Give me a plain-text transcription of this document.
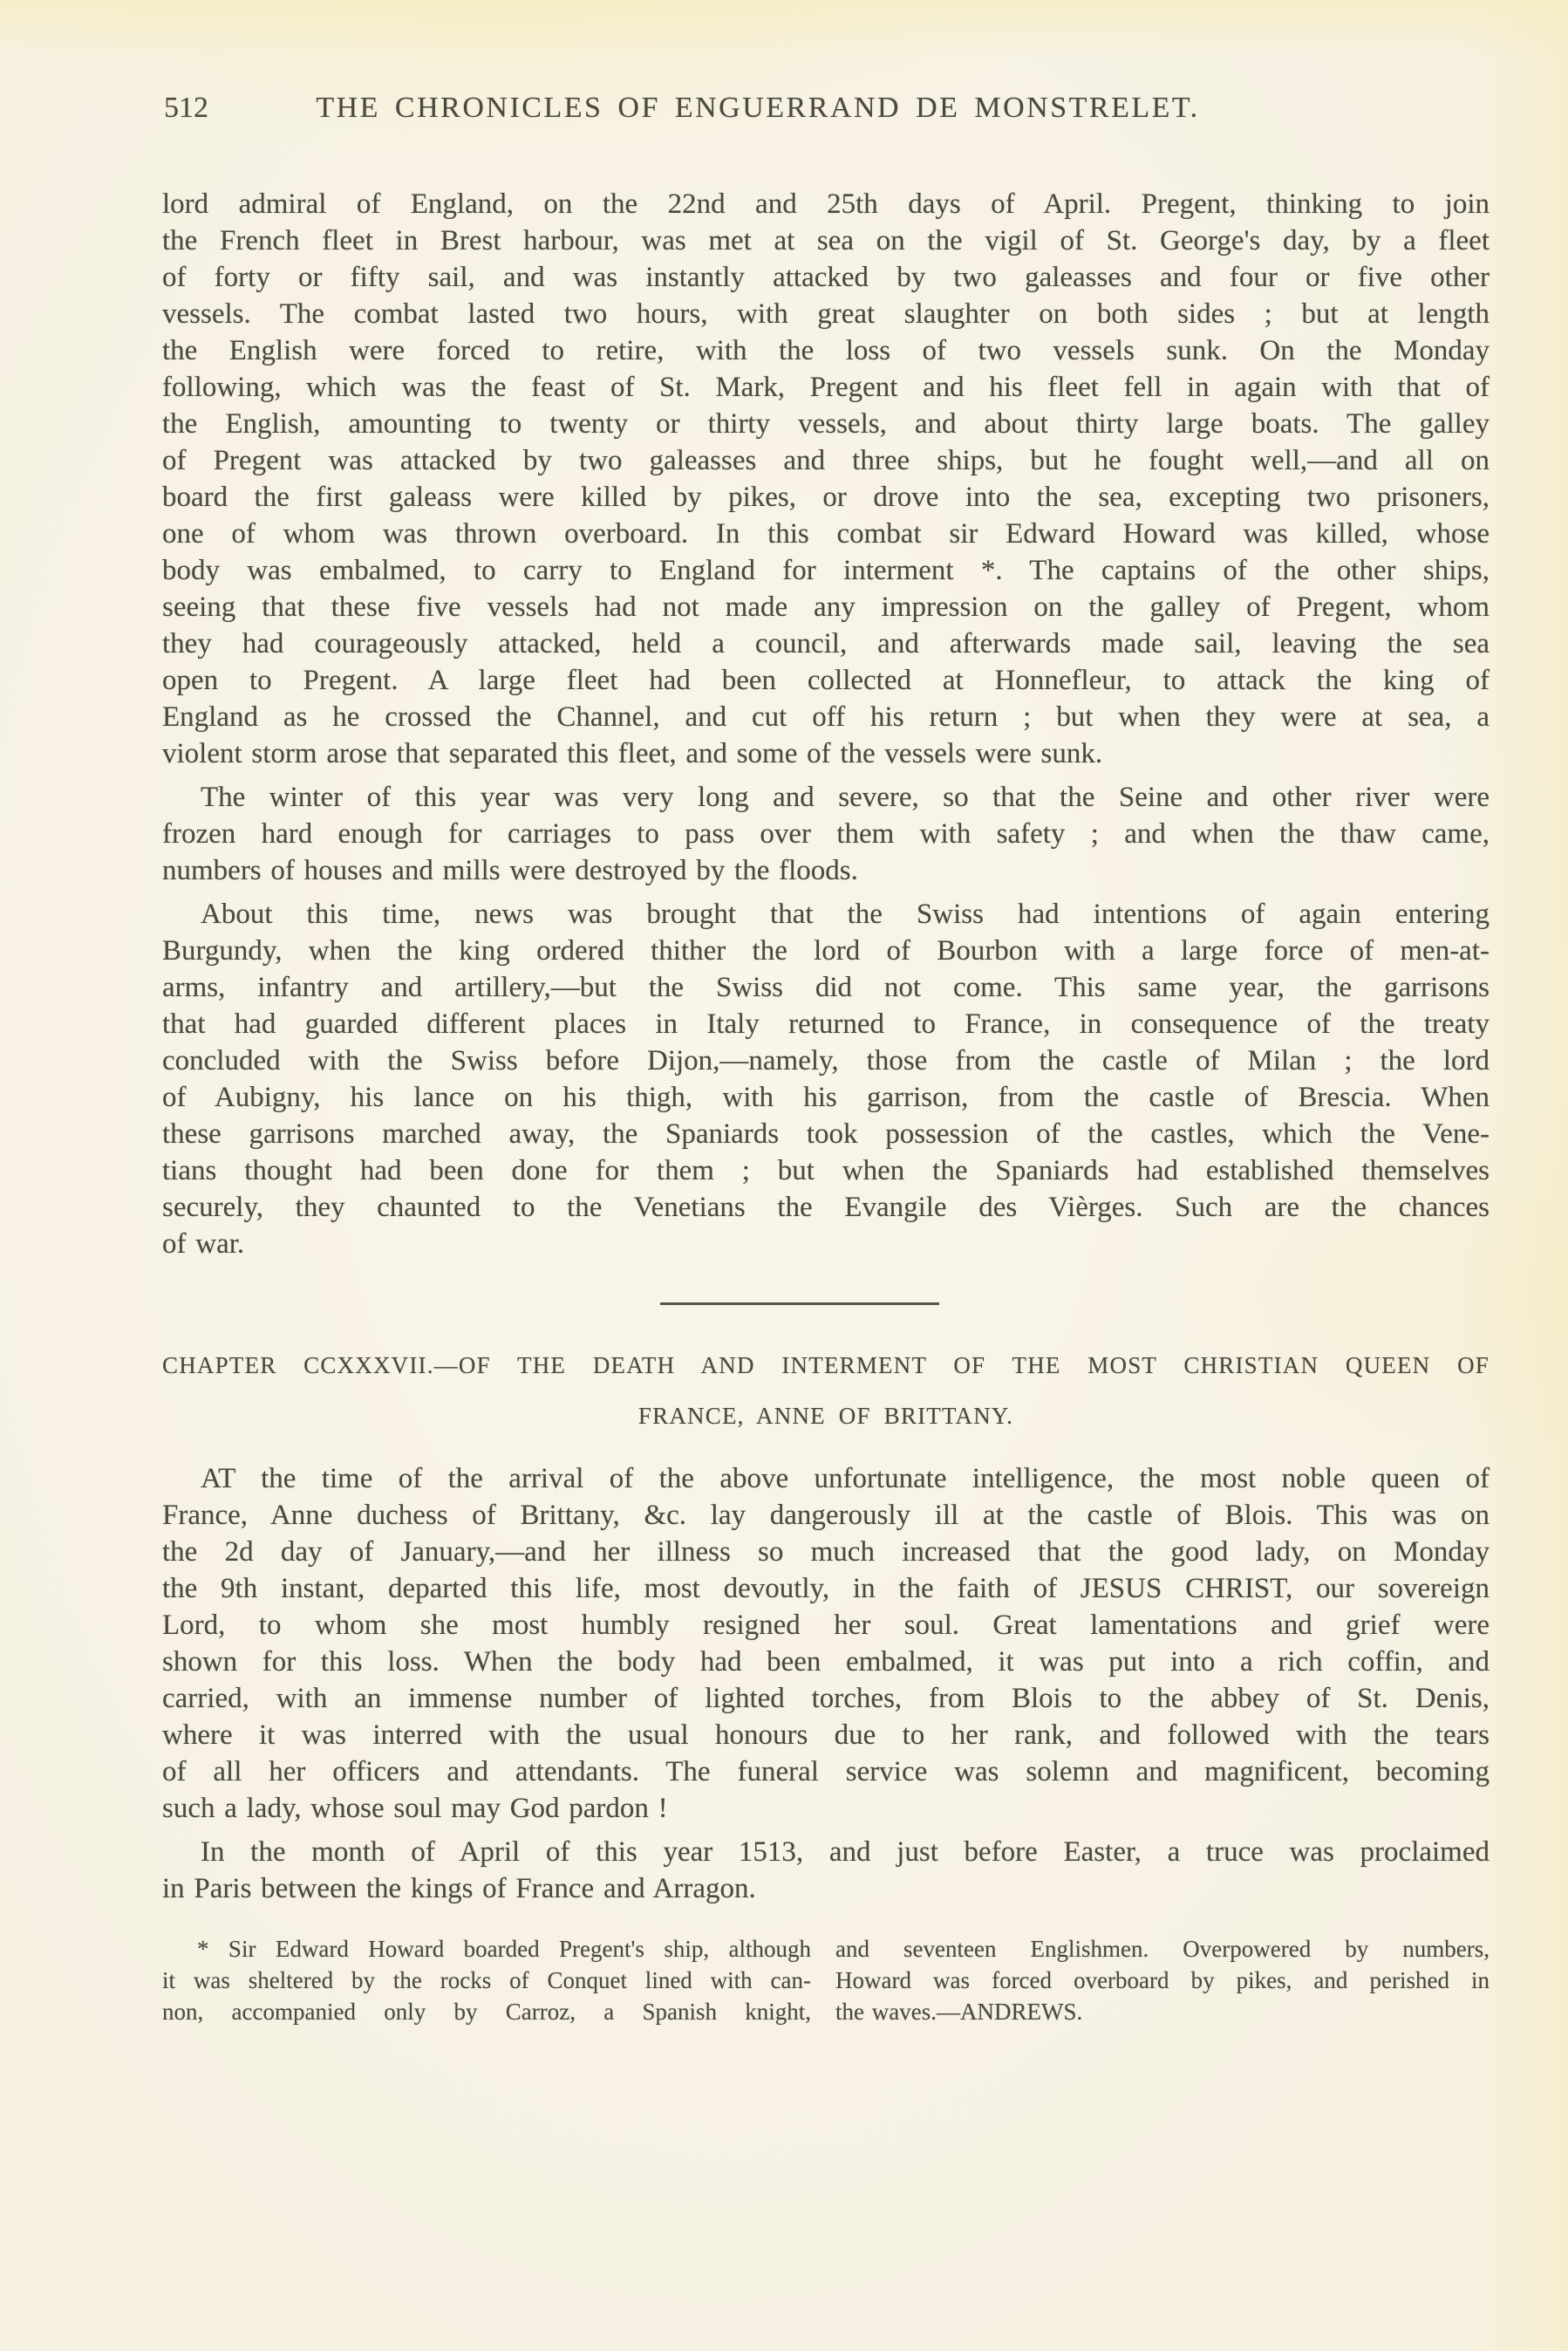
512	THE CHRONICLES OF ENGUERRAND DE MONSTRELET.

lord admiral of England, on the 22nd and 25th days of April. Pregent, thinking to join
the French fleet in Brest harbour, was met at sea on the vigil of St. George's day, by a fleet
of forty or fifty sail, and was instantly attacked by two galeasses and four or five other
vessels. The combat lasted two hours, with great slaughter on both sides ; but at length
the English were forced to retire, with the loss of two vessels sunk. On the Monday
following, which was the feast of St. Mark, Pregent and his fleet fell in again with that of
the English, amounting to twenty or thirty vessels, and about thirty large boats. The galley
of Pregent was attacked by two galeasses and three ships, but he fought well,—and all on
board the first galeass were killed by pikes, or drove into the sea, excepting two prisoners,
one of whom was thrown overboard. In this combat sir Edward Howard was killed, whose
body was embalmed, to carry to England for interment *. The captains of the other ships,
seeing that these five vessels had not made any impression on the galley of Pregent, whom
they had courageously attacked, held a council, and afterwards made sail, leaving the sea
open to Pregent. A large fleet had been collected at Honnefleur, to attack the king of
England as he crossed the Channel, and cut off his return ; but when they were at sea, a
violent storm arose that separated this fleet, and some of the vessels were sunk.

The winter of this year was very long and severe, so that the Seine and other river were
frozen hard enough for carriages to pass over them with safety ; and when the thaw came,
numbers of houses and mills were destroyed by the floods.

About this time, news was brought that the Swiss had intentions of again entering
Burgundy, when the king ordered thither the lord of Bourbon with a large force of men-at-
arms, infantry and artillery,—but the Swiss did not come. This same year, the garrisons
that had guarded different places in Italy returned to France, in consequence of the treaty
concluded with the Swiss before Dijon,—namely, those from the castle of Milan ; the lord
of Aubigny, his lance on his thigh, with his garrison, from the castle of Brescia. When
these garrisons marched away, the Spaniards took possession of the castles, which the Vene-
tians thought had been done for them ; but when the Spaniards had established themselves
securely, they chaunted to the Venetians the Evangile des Vièrges. Such are the chances
of war.

CHAPTER CCXXXVII.—OF THE DEATH AND INTERMENT OF THE MOST CHRISTIAN QUEEN OF
FRANCE, ANNE OF BRITTANY.

AT the time of the arrival of the above unfortunate intelligence, the most noble queen of
France, Anne duchess of Brittany, &c. lay dangerously ill at the castle of Blois. This was on
the 2d day of January,—and her illness so much increased that the good lady, on Monday
the 9th instant, departed this life, most devoutly, in the faith of JESUS CHRIST, our sovereign
Lord, to whom she most humbly resigned her soul. Great lamentations and grief were
shown for this loss. When the body had been embalmed, it was put into a rich coffin, and
carried, with an immense number of lighted torches, from Blois to the abbey of St. Denis,
where it was interred with the usual honours due to her rank, and followed with the tears
of all her officers and attendants. The funeral service was solemn and magnificent, becoming
such a lady, whose soul may God pardon !

In the month of April of this year 1513, and just before Easter, a truce was proclaimed
in Paris between the kings of France and Arragon.

* Sir Edward Howard boarded Pregent's ship, although
it was sheltered by the rocks of Conquet lined with can-
non, accompanied only by Carroz, a Spanish knight,
and seventeen Englishmen. Overpowered by numbers,
Howard was forced overboard by pikes, and perished in
the waves.—ANDREWS.
